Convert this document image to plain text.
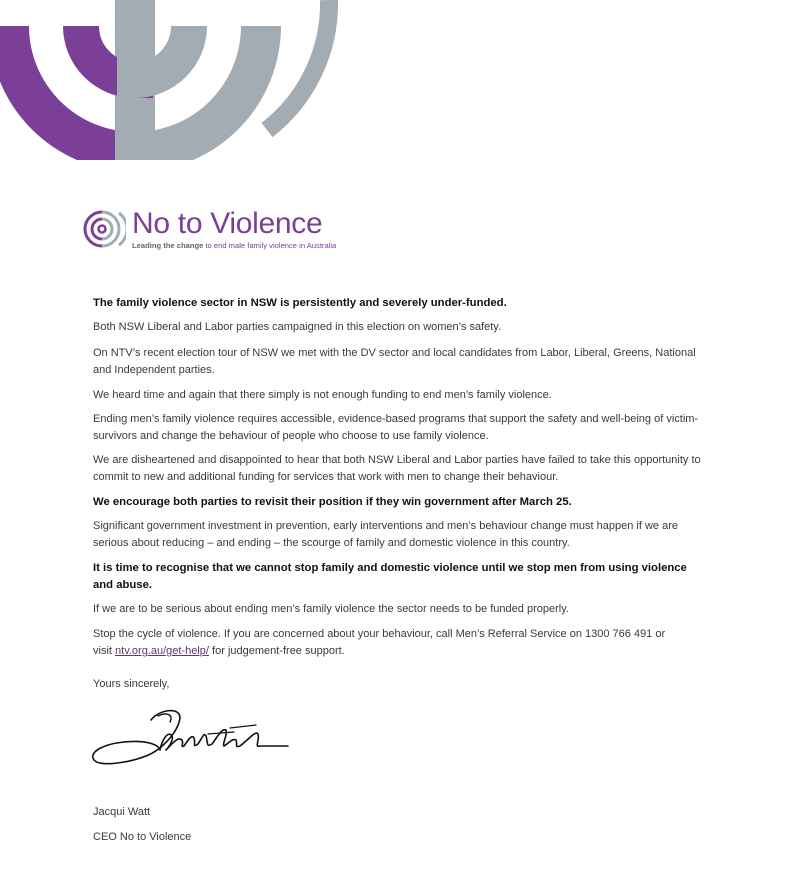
No to Violence
Leading the change to end male family violence in Australia

The family violence sector in NSW is persistently and severely under-funded.

Both NSW Liberal and Labor parties campaigned in this election on women’s safety.

On NTV’s recent election tour of NSW we met with the DV sector and local candidates from Labor, Liberal, Greens, National and Independent parties.

We heard time and again that there simply is not enough funding to end men’s family violence.

Ending men’s family violence requires accessible, evidence-based programs that support the safety and well-being of victim-survivors and change the behaviour of people who choose to use family violence.

We are disheartened and disappointed to hear that both NSW Liberal and Labor parties have failed to take this opportunity to commit to new and additional funding for services that work with men to change their behaviour.

We encourage both parties to revisit their position if they win government after March 25.

Significant government investment in prevention, early interventions and men’s behaviour change must happen if we are serious about reducing – and ending – the scourge of family and domestic violence in this country.

It is time to recognise that we cannot stop family and domestic violence until we stop men from using violence and abuse.

If we are to be serious about ending men’s family violence the sector needs to be funded properly.

Stop the cycle of violence. If you are concerned about your behaviour, call Men’s Referral Service on 1300 766 491 or
visit ntv.org.au/get-help/ for judgement-free support.

Yours sincerely,
Jacqui Watt
CEO No to Violence
